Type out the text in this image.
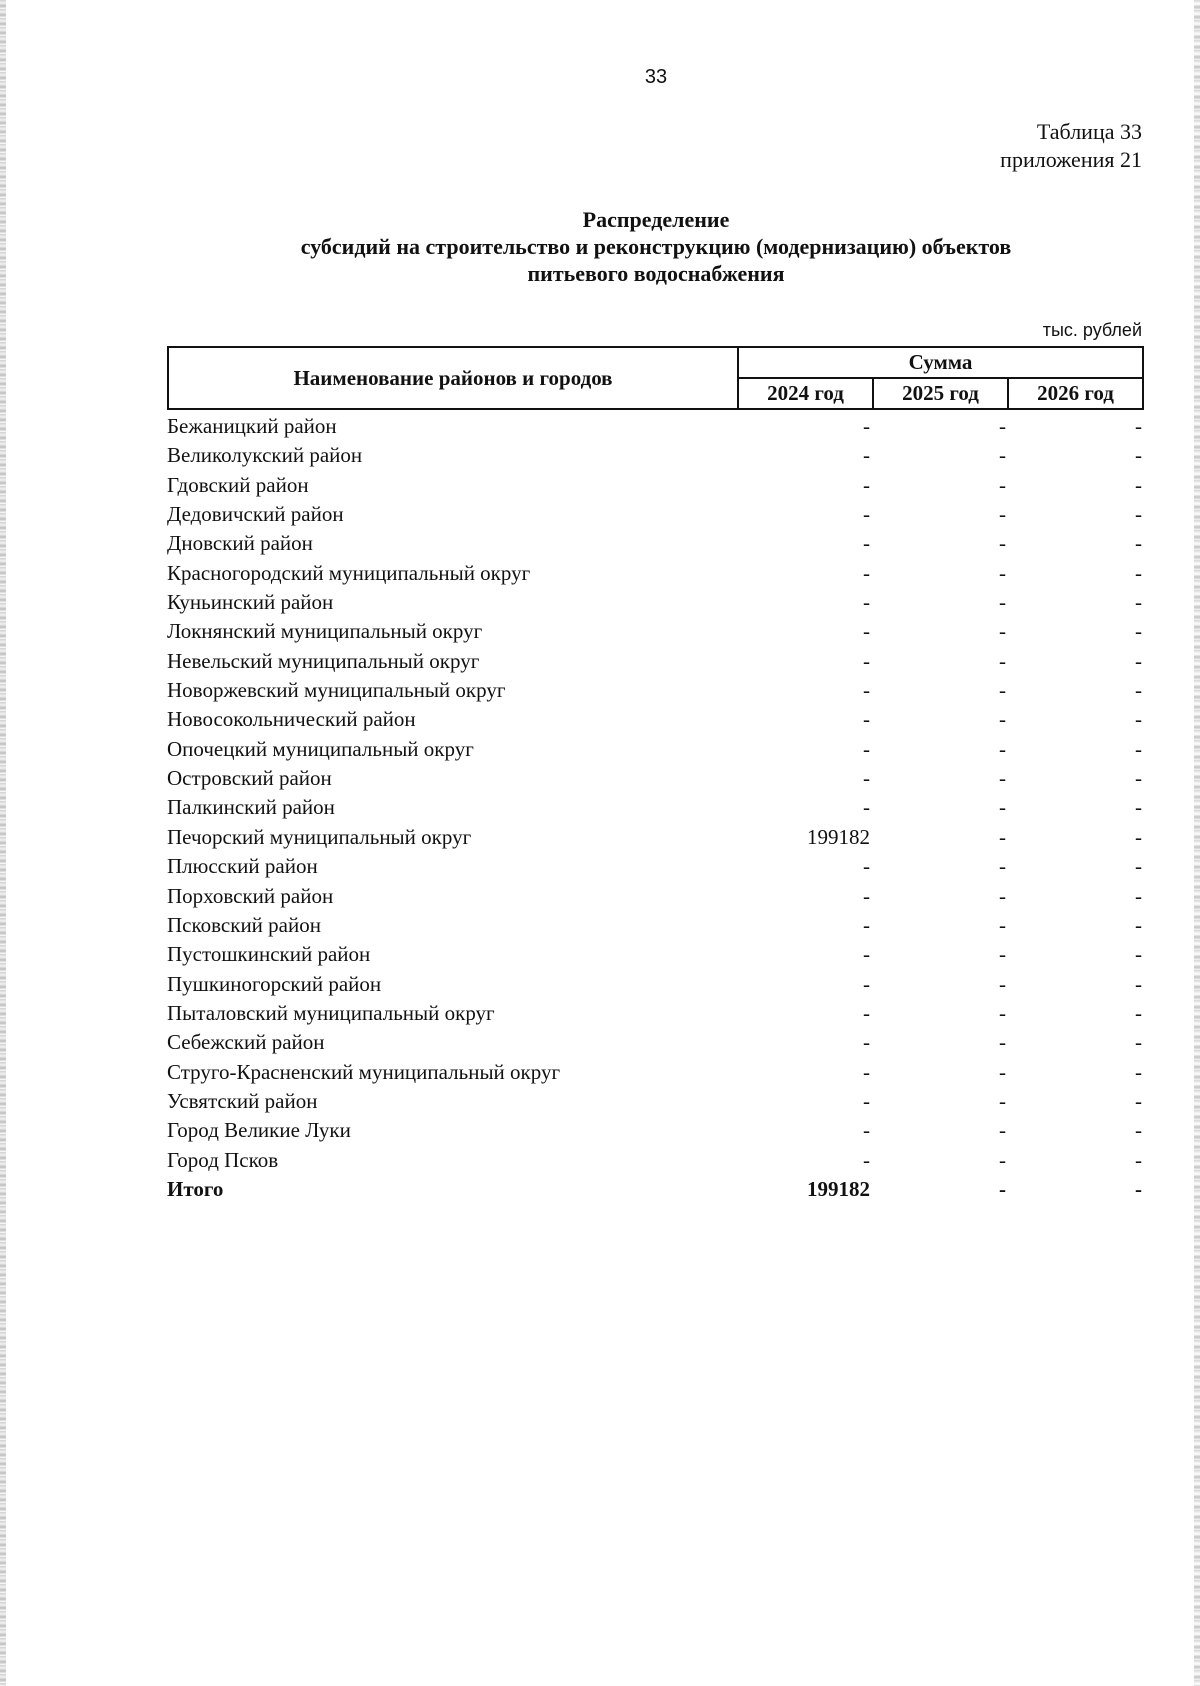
33
Таблица 33
приложения 21
Распределение
субсидий на строительство и реконструкцию (модернизацию) объектов
питьевого водоснабжения
тыс. рублей
Наименование районов и городов	Сумма		
	2024 год	2025 год	2026 год
Бежаницкий район	-	-	-
Великолукский район	-	-	-
Гдовский район	-	-	-
Дедовичский район	-	-	-
Дновский район	-	-	-
Красногородский муниципальный округ	-	-	-
Куньинский район	-	-	-
Локнянский муниципальный округ	-	-	-
Невельский муниципальный округ	-	-	-
Новоржевский муниципальный округ	-	-	-
Новосокольнический район	-	-	-
Опочецкий муниципальный округ	-	-	-
Островский район	-	-	-
Палкинский район	-	-	-
Печорский муниципальный округ	199182	-	-
Плюсский район	-	-	-
Порховский район	-	-	-
Псковский район	-	-	-
Пустошкинский район	-	-	-
Пушкиногорский район	-	-	-
Пыталовский муниципальный округ	-	-	-
Себежский район	-	-	-
Струго-Красненский муниципальный округ	-	-	-
Усвятский район	-	-	-
Город Великие Луки	-	-	-
Город Псков	-	-	-
Итого	199182	-	-
